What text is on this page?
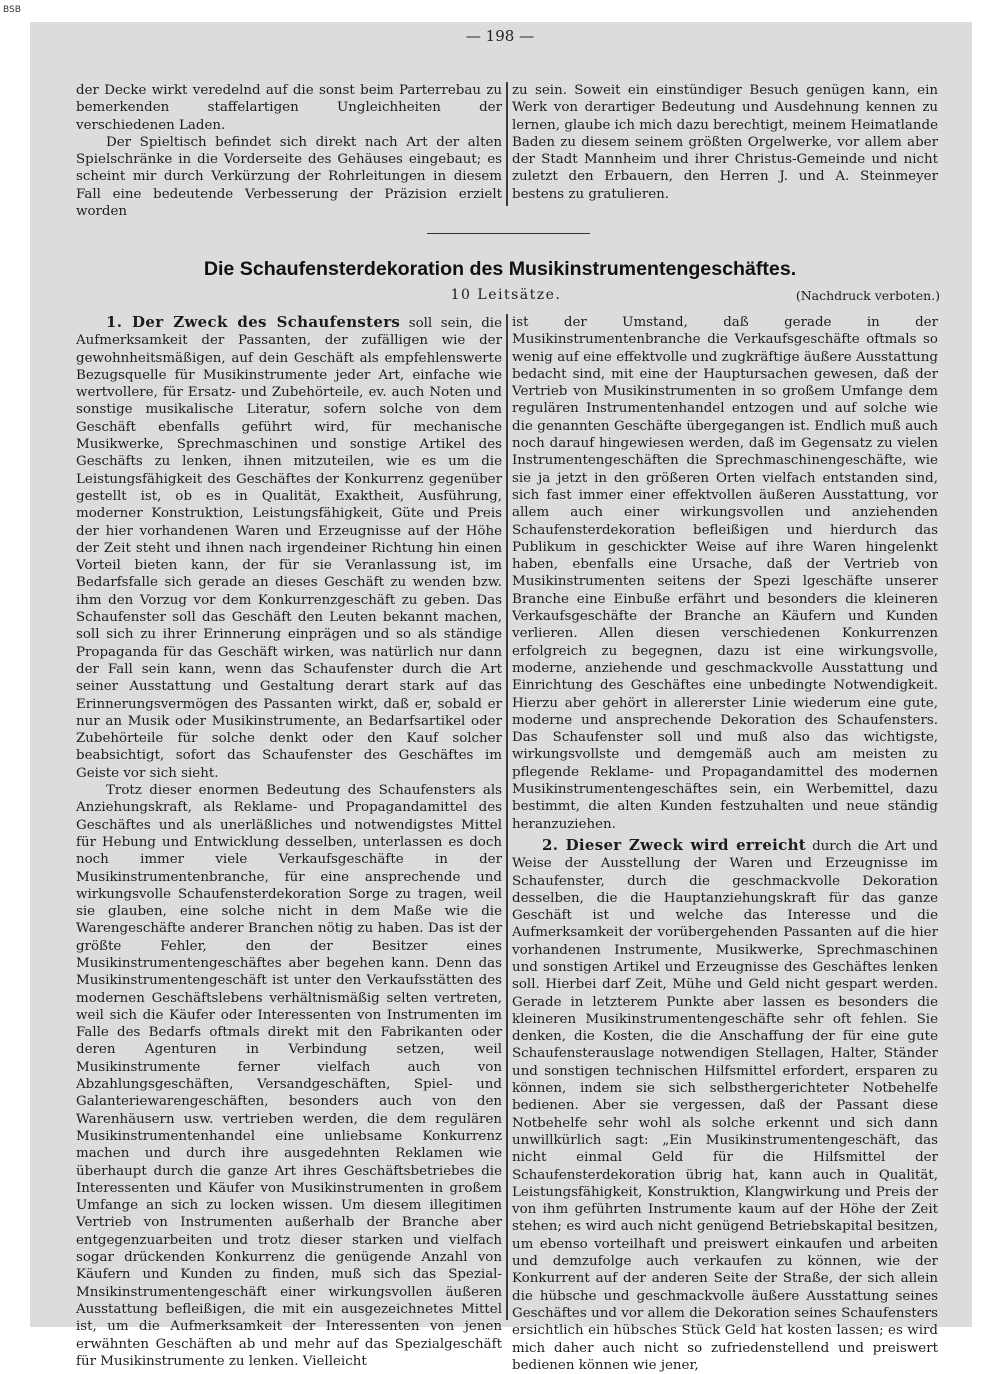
BSB
— 198 —

der Decke wirkt veredelnd auf die sonst beim Parterrebau zu bemerkenden staffelartigen Ungleichheiten der verschiedenen Laden.

Der Spieltisch befindet sich direkt nach Art der alten Spielschränke in die Vorderseite des Gehäuses eingebaut; es scheint mir durch Verkürzung der Rohrleitungen in diesem Fall eine bedeutende Verbesserung der Präzision erzielt worden

zu sein. Soweit ein einstündiger Besuch genügen kann, ein Werk von derartiger Bedeutung und Ausdehnung kennen zu lernen, glaube ich mich dazu berechtigt, meinem Heimatlande Baden zu diesem seinem größten Orgelwerke, vor allem aber der Stadt Mannheim und ihrer Christus-Gemeinde und nicht zuletzt den Erbauern, den Herren J. und A. Steinmeyer bestens zu gratulieren.

Die Schaufensterdekoration des Musikinstrumentengeschäftes.
10 Leitsätze.	(Nachdruck verboten.)

1. Der Zweck des Schaufensters soll sein, die Aufmerksamkeit der Passanten, der zufälligen wie der gewohnheitsmäßigen, auf dein Geschäft als empfehlenswerte Bezugsquelle für Musikinstrumente jeder Art, einfache wie wertvollere, für Ersatz- und Zubehörteile, ev. auch Noten und sonstige musikalische Literatur, sofern solche von dem Geschäft ebenfalls geführt wird, für mechanische Musikwerke, Sprechmaschinen und sonstige Artikel des Geschäfts zu lenken, ihnen mitzuteilen, wie es um die Leistungsfähigkeit des Geschäftes der Konkurrenz gegenüber gestellt ist, ob es in Qualität, Exaktheit, Ausführung, moderner Konstruktion, Leistungsfähigkeit, Güte und Preis der hier vorhandenen Waren und Erzeugnisse auf der Höhe der Zeit steht und ihnen nach irgendeiner Richtung hin einen Vorteil bieten kann, der für sie Veranlassung ist, im Bedarfsfalle sich gerade an dieses Geschäft zu wenden bzw. ihm den Vorzug vor dem Konkurrenzgeschäft zu geben. Das Schaufenster soll das Geschäft den Leuten bekannt machen, soll sich zu ihrer Erinnerung einprägen und so als ständige Propaganda für das Geschäft wirken, was natürlich nur dann der Fall sein kann, wenn das Schaufenster durch die Art seiner Ausstattung und Gestaltung derart stark auf das Erinnerungsvermögen des Passanten wirkt, daß er, sobald er nur an Musik oder Musikinstrumente, an Bedarfsartikel oder Zubehörteile für solche denkt oder den Kauf solcher beabsichtigt, sofort das Schaufenster des Geschäftes im Geiste vor sich sieht.

Trotz dieser enormen Bedeutung des Schaufensters als Anziehungskraft, als Reklame- und Propagandamittel des Geschäftes und als unerläßliches und notwendigstes Mittel für Hebung und Entwicklung desselben, unterlassen es doch noch immer viele Verkaufsgeschäfte in der Musikinstrumentenbranche, für eine ansprechende und wirkungsvolle Schaufensterdekoration Sorge zu tragen, weil sie glauben, eine solche nicht in dem Maße wie die Warengeschäfte anderer Branchen nötig zu haben. Das ist der größte Fehler, den der Besitzer eines Musikinstrumentengeschäftes aber begehen kann. Denn das Musikinstrumentengeschäft ist unter den Verkaufsstätten des modernen Geschäftslebens verhältnismäßig selten vertreten, weil sich die Käufer oder Interessenten von Instrumenten im Falle des Bedarfs oftmals direkt mit den Fabrikanten oder deren Agenturen in Verbindung setzen, weil Musikinstrumente ferner vielfach auch von Abzahlungsgeschäften, Versandgeschäften, Spiel- und Galanteriewarengeschäften, besonders auch von den Warenhäusern usw. vertrieben werden, die dem regulären Musikinstrumentenhandel eine unliebsame Konkurrenz machen und durch ihre ausgedehnten Reklamen wie überhaupt durch die ganze Art ihres Geschäftsbetriebes die Interessenten und Käufer von Musikinstrumenten in großem Umfange an sich zu locken wissen. Um diesem illegitimen Vertrieb von Instrumenten außerhalb der Branche aber entgegenzuarbeiten und trotz dieser starken und vielfach sogar drückenden Konkurrenz die genügende Anzahl von Käufern und Kunden zu finden, muß sich das Spezial-Mnsikinstrumentengeschäft einer wirkungsvollen äußeren Ausstattung befleißigen, die mit ein ausgezeichnetes Mittel ist, um die Aufmerksamkeit der Interessenten von jenen erwähnten Geschäften ab und mehr auf das Spezialgeschäft für Musikinstrumente zu lenken. Vielleicht

ist der Umstand, daß gerade in der Musikinstrumentenbranche die Verkaufsgeschäfte oftmals so wenig auf eine effektvolle und zugkräftige äußere Ausstattung bedacht sind, mit eine der Hauptursachen gewesen, daß der Vertrieb von Musikinstrumenten in so großem Umfange dem regulären Instrumentenhandel entzogen und auf solche wie die genannten Geschäfte übergegangen ist. Endlich muß auch noch darauf hingewiesen werden, daß im Gegensatz zu vielen Instrumentengeschäften die Sprechmaschinengeschäfte, wie sie ja jetzt in den größeren Orten vielfach entstanden sind, sich fast immer einer effektvollen äußeren Ausstattung, vor allem auch einer wirkungsvollen und anziehenden Schaufensterdekoration befleißigen und hierdurch das Publikum in geschickter Weise auf ihre Waren hingelenkt haben, ebenfalls eine Ursache, daß der Vertrieb von Musikinstrumenten seitens der Spezi lgeschäfte unserer Branche eine Einbuße erfährt und besonders die kleineren Verkaufsgeschäfte der Branche an Käufern und Kunden verlieren. Allen diesen verschiedenen Konkurrenzen erfolgreich zu begegnen, dazu ist eine wirkungsvolle, moderne, anziehende und geschmackvolle Ausstattung und Einrichtung des Geschäftes eine unbedingte Notwendigkeit. Hierzu aber gehört in allererster Linie wiederum eine gute, moderne und ansprechende Dekoration des Schaufensters. Das Schaufenster soll und muß also das wichtigste, wirkungsvollste und demgemäß auch am meisten zu pflegende Reklame- und Propagandamittel des modernen Musikinstrumentengeschäftes sein, ein Werbemittel, dazu bestimmt, die alten Kunden festzuhalten und neue ständig heranzuziehen.

2. Dieser Zweck wird erreicht durch die Art und Weise der Ausstellung der Waren und Erzeugnisse im Schaufenster, durch die geschmackvolle Dekoration desselben, die die Hauptanziehungskraft für das ganze Geschäft ist und welche das Interesse und die Aufmerksamkeit der vorübergehenden Passanten auf die hier vorhandenen Instrumente, Musikwerke, Sprechmaschinen und sonstigen Artikel und Erzeugnisse des Geschäftes lenken soll. Hierbei darf Zeit, Mühe und Geld nicht gespart werden. Gerade in letzterem Punkte aber lassen es besonders die kleineren Musikinstrumentengeschäfte sehr oft fehlen. Sie denken, die Kosten, die die Anschaffung der für eine gute Schaufensterauslage notwendigen Stellagen, Halter, Ständer und sonstigen technischen Hilfsmittel erfordert, ersparen zu können, indem sie sich selbsthergerichteter Notbehelfe bedienen. Aber sie vergessen, daß der Passant diese Notbehelfe sehr wohl als solche erkennt und sich dann unwillkürlich sagt: „Ein Musikinstrumentengeschäft, das nicht einmal Geld für die Hilfsmittel der Schaufensterdekoration übrig hat, kann auch in Qualität, Leistungsfähigkeit, Konstruktion, Klangwirkung und Preis der von ihm geführten Instrumente kaum auf der Höhe der Zeit stehen; es wird auch nicht genügend Betriebskapital besitzen, um ebenso vorteilhaft und preiswert einkaufen und arbeiten und demzufolge auch verkaufen zu können, wie der Konkurrent auf der anderen Seite der Straße, der sich allein die hübsche und geschmackvolle äußere Ausstattung seines Geschäftes und vor allem die Dekoration seines Schaufensters ersichtlich ein hübsches Stück Geld hat kosten lassen; es wird mich daher auch nicht so zufriedenstellend und preiswert bedienen können wie jener,
